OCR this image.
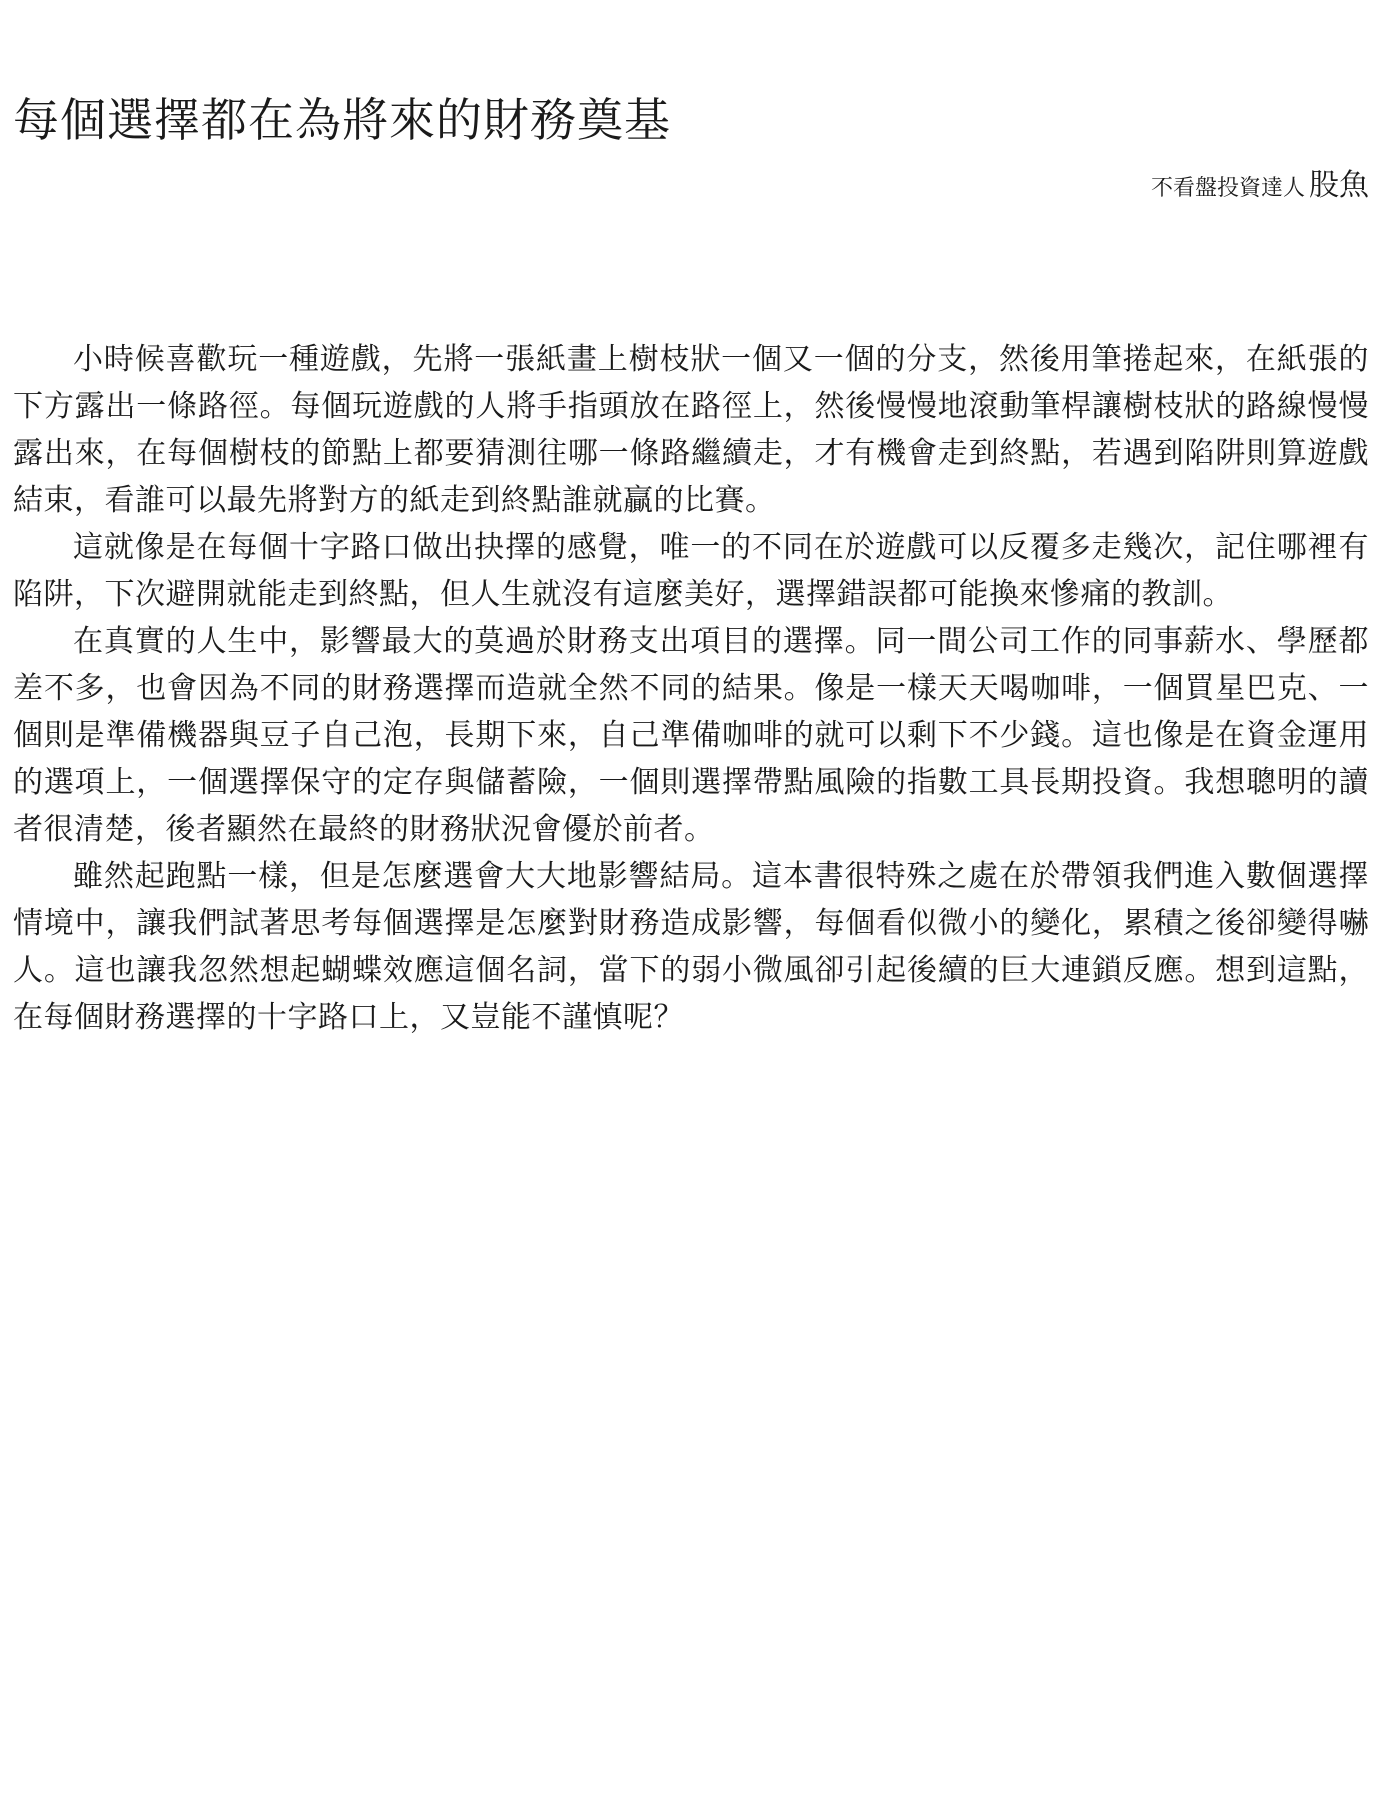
每個選擇都在為將來的財務奠基
不看盤投資達人 股魚

小時候喜歡玩一種遊戲，先將一張紙畫上樹枝狀一個又一個的分支，然後用筆捲起來，在紙張的下方露出一條路徑。每個玩遊戲的人將手指頭放在路徑上，然後慢慢地滾動筆桿讓樹枝狀的路線慢慢露出來，在每個樹枝的節點上都要猜測往哪一條路繼續走，才有機會走到終點，若遇到陷阱則算遊戲結束，看誰可以最先將對方的紙走到終點誰就贏的比賽。

這就像是在每個十字路口做出抉擇的感覺，唯一的不同在於遊戲可以反覆多走幾次，記住哪裡有陷阱，下次避開就能走到終點，但人生就沒有這麼美好，選擇錯誤都可能換來慘痛的教訓。

在真實的人生中，影響最大的莫過於財務支出項目的選擇。同一間公司工作的同事薪水、學歷都差不多，也會因為不同的財務選擇而造就全然不同的結果。像是一樣天天喝咖啡，一個買星巴克、一個則是準備機器與豆子自己泡，長期下來，自己準備咖啡的就可以剩下不少錢。這也像是在資金運用的選項上，一個選擇保守的定存與儲蓄險，一個則選擇帶點風險的指數工具長期投資。我想聰明的讀者很清楚，後者顯然在最終的財務狀況會優於前者。

雖然起跑點一樣，但是怎麼選會大大地影響結局。這本書很特殊之處在於帶領我們進入數個選擇情境中，讓我們試著思考每個選擇是怎麼對財務造成影響，每個看似微小的變化，累積之後卻變得嚇人。這也讓我忽然想起蝴蝶效應這個名詞，當下的弱小微風卻引起後續的巨大連鎖反應。想到這點，在每個財務選擇的十字路口上，又豈能不謹慎呢？
